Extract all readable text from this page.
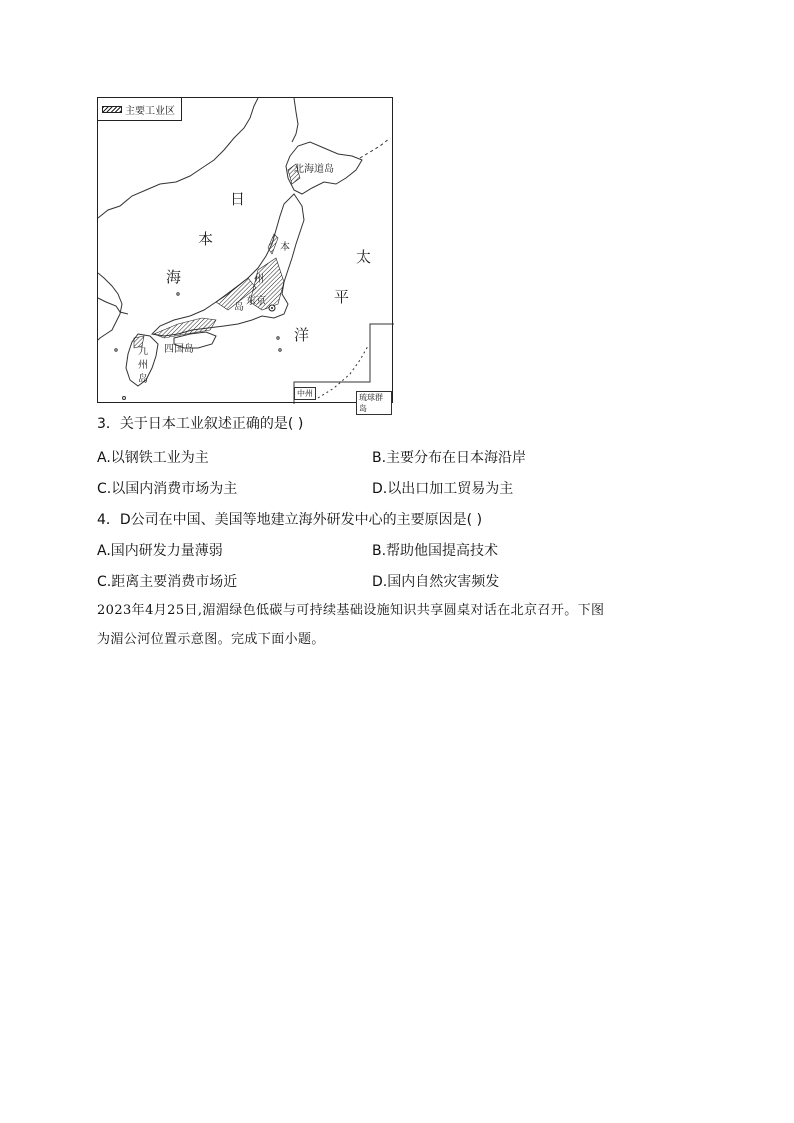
主要工业区
日
本
海
太
平
洋
北海道岛
本
州
岛
东京
四国岛
九
州
岛
中州	琉球群岛
3．关于日本工业叙述正确的是( )
A.以钢铁工业为主	B.主要分布在日本海沿岸
C.以国内消费市场为主	D.以出口加工贸易为主
4．D公司在中国、美国等地建立海外研发中心的主要原因是( )
A.国内研发力量薄弱	B.帮助他国提高技术
C.距离主要消费市场近	D.国内自然灾害频发
2023年4月25日,湄湄绿色低碳与可持续基础设施知识共享圆桌对话在北京召开。下图
为湄公河位置示意图。完成下面小题。
